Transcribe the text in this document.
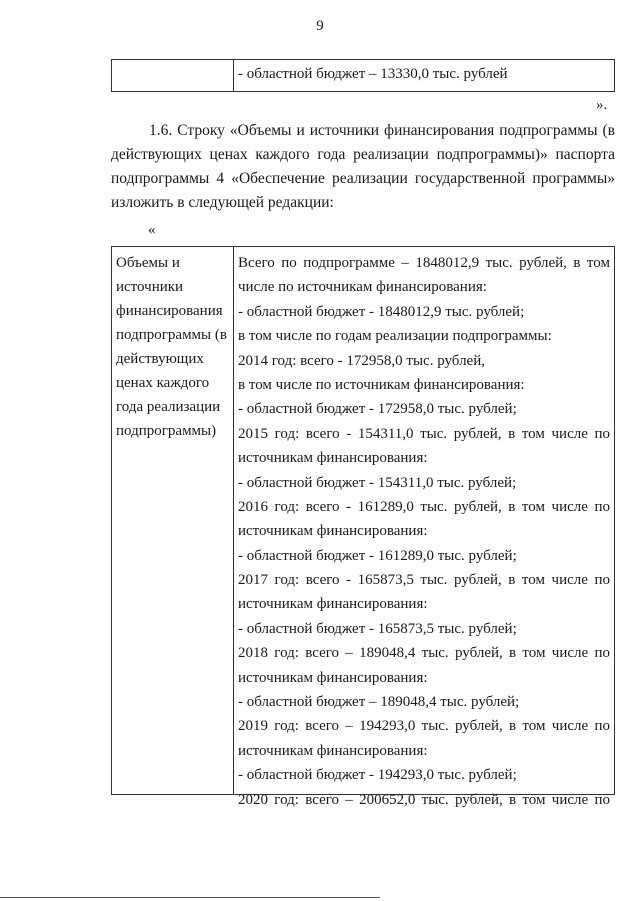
9
- областной бюджет – 13330,0 тыс. рублей
».
1.6. Строку «Объемы и источники финансирования подпрограммы (в
действующих ценах каждого года реализации подпрограммы)» паспорта
подпрограммы 4 «Обеспечение реализации государственной программы»
изложить в следующей редакции:
«
Объемы и
источники
финансирования
подпрограммы (в
действующих
ценах каждого
года реализации
подпрограммы)
Всего по подпрограмме – 1848012,9 тыс. рублей, в том
числе по источникам финансирования:
- областной бюджет - 1848012,9 тыс. рублей;
в том числе по годам реализации подпрограммы:
2014 год: всего - 172958,0 тыс. рублей,
в том числе по источникам финансирования:
- областной бюджет - 172958,0 тыс. рублей;
2015 год: всего - 154311,0 тыс. рублей, в том числе по
источникам финансирования:
- областной бюджет - 154311,0 тыс. рублей;
2016 год: всего - 161289,0 тыс. рублей, в том числе по
источникам финансирования:
- областной бюджет - 161289,0 тыс. рублей;
2017 год: всего - 165873,5 тыс. рублей, в том числе по
источникам финансирования:
- областной бюджет - 165873,5 тыс. рублей;
2018 год: всего – 189048,4 тыс. рублей, в том числе по
источникам финансирования:
- областной бюджет – 189048,4 тыс. рублей;
2019 год: всего – 194293,0 тыс. рублей, в том числе по
источникам финансирования:
- областной бюджет - 194293,0 тыс. рублей;
2020 год: всего – 200652,0 тыс. рублей, в том числе по
